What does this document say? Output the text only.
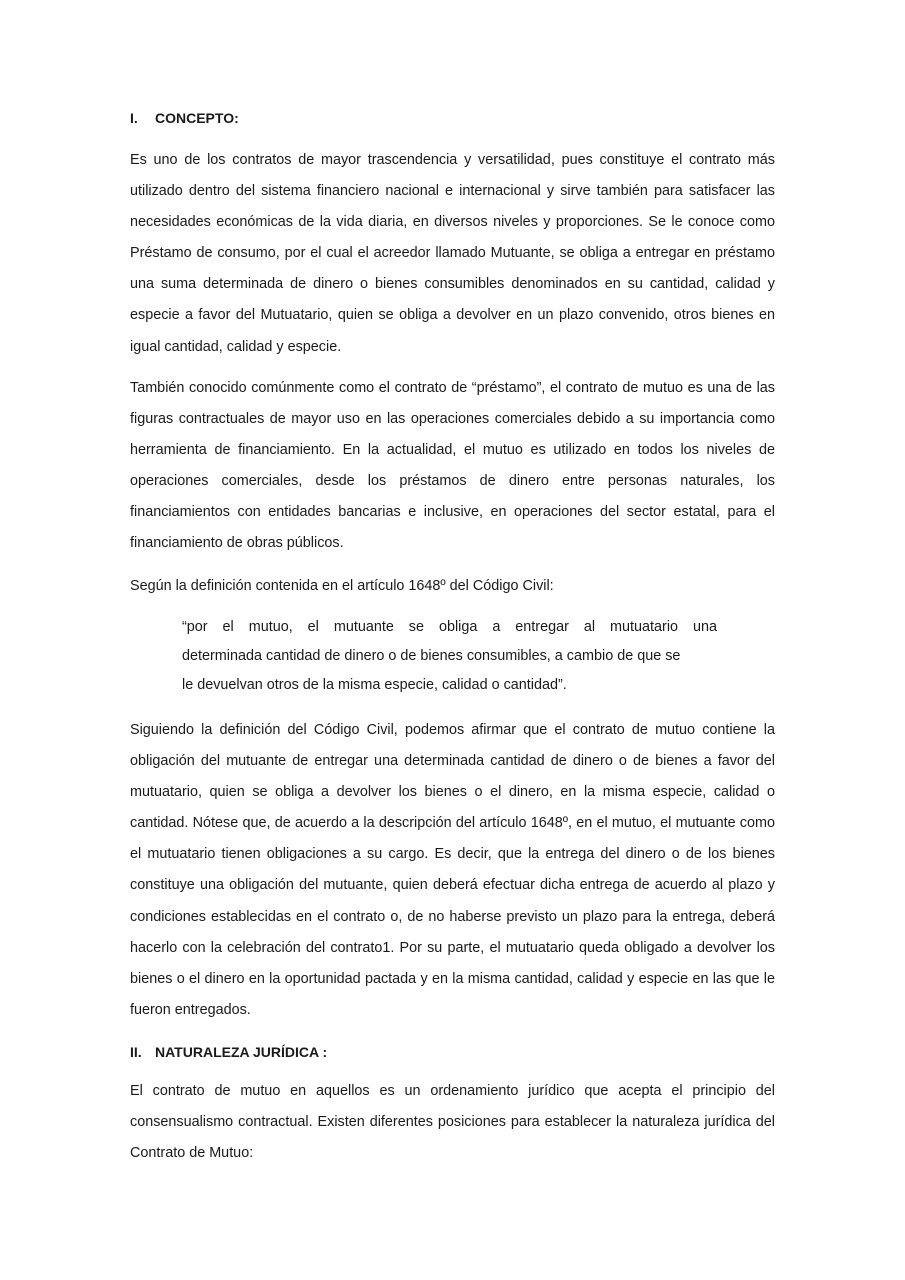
I.	CONCEPTO:

Es uno de los contratos de mayor trascendencia y versatilidad, pues constituye el contrato más utilizado dentro del sistema financiero nacional e internacional y sirve también para satisfacer las necesidades económicas de la vida diaria, en diversos niveles y proporciones. Se le conoce como Préstamo de consumo, por el cual el acreedor llamado Mutuante, se obliga a entregar en préstamo una suma determinada de dinero o bienes consumibles denominados en su cantidad, calidad y especie a favor del Mutuatario, quien se obliga a devolver en un plazo convenido, otros bienes en igual cantidad, calidad y especie.

También conocido comúnmente como el contrato de “préstamo”, el contrato de mutuo es una de las figuras contractuales de mayor uso en las operaciones comerciales debido a su importancia como herramienta de financiamiento. En la actualidad, el mutuo es utilizado en todos los niveles de operaciones comerciales, desde los préstamos de dinero entre personas naturales, los financiamientos con entidades bancarias e inclusive, en operaciones del sector estatal, para el financiamiento de obras públicos.

Según la definición contenida en el artículo 1648º del Código Civil:

“por el mutuo, el mutuante se obliga a entregar al mutuatario una
determinada cantidad de dinero o de bienes consumibles, a cambio de que se
le devuelvan otros de la misma especie, calidad o cantidad”.

Siguiendo la definición del Código Civil, podemos afirmar que el contrato de mutuo contiene la obligación del mutuante de entregar una determinada cantidad de dinero o de bienes a favor del mutuatario, quien se obliga a devolver los bienes o el dinero, en la misma especie, calidad o cantidad. Nótese que, de acuerdo a la descripción del artículo 1648º, en el mutuo, el mutuante como el mutuatario tienen obligaciones a su cargo. Es decir, que la entrega del dinero o de los bienes constituye una obligación del mutuante, quien deberá efectuar dicha entrega de acuerdo al plazo y condiciones establecidas en el contrato o, de no haberse previsto un plazo para la entrega, deberá hacerlo con la celebración del contrato1. Por su parte, el mutuatario queda obligado a devolver los bienes o el dinero en la oportunidad pactada y en la misma cantidad, calidad y especie en las que le fueron entregados.

II. NATURALEZA JURÍDICA :

El contrato de mutuo en aquellos es un ordenamiento jurídico que acepta el principio del consensualismo contractual. Existen diferentes posiciones para establecer la naturaleza jurídica del Contrato de Mutuo:
